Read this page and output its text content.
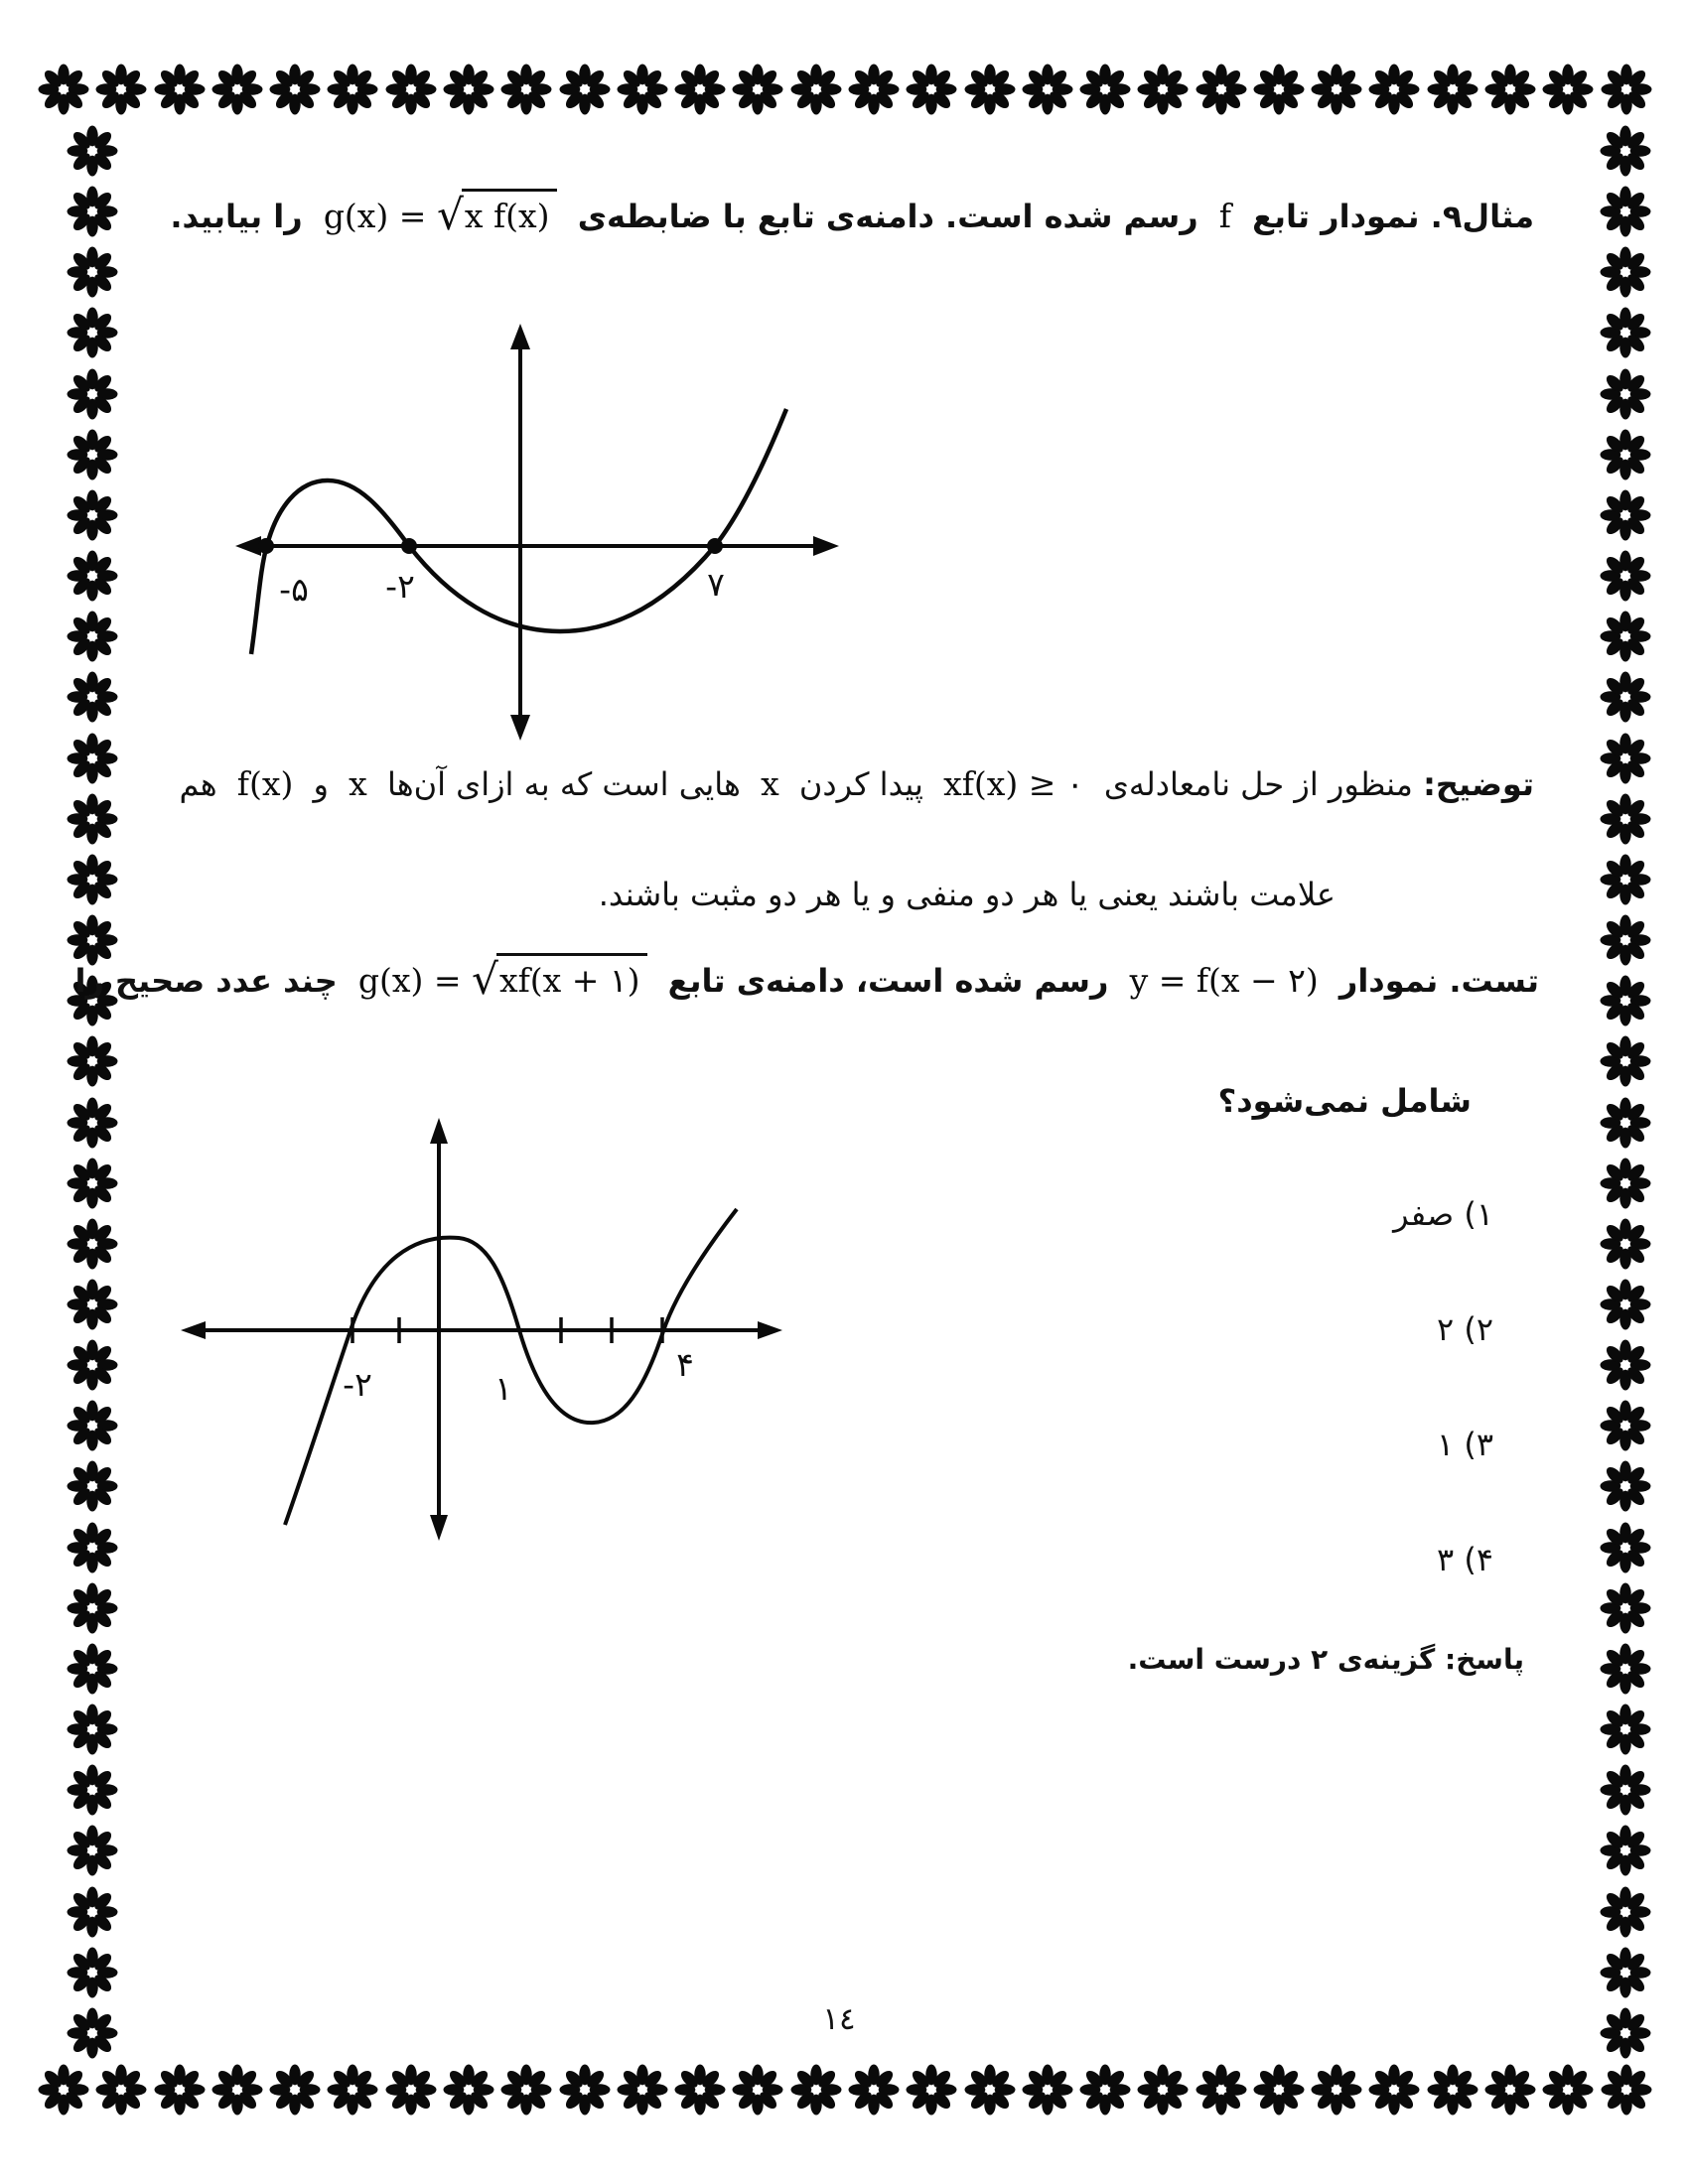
مثال۹. نمودار تابع f رسم شده است. دامنه‌ی تابع با ضابطه‌ی g(x) = √x f(x) را بیابید.
-۵ -۲	۷
توضیح: منظور از حل نامعادله‌ی xf(x) ≥ ۰ پیدا کردن x هایی است که به ازای آن‌ها x و f(x) هم
علامت باشند یعنی یا هر دو منفی و یا هر دو مثبت باشند.
تست. نمودار y = f(x − ۲) رسم شده است، دامنه‌ی تابع g(x) = √xf(x + ۱) چند عدد صحیح را
شامل نمی‌شود؟
-۲	۱
۴
۱) صفر
۲) ۲
۳) ۱
۴) ۳
پاسخ: گزینه‌ی ۲ درست است.
١٤
